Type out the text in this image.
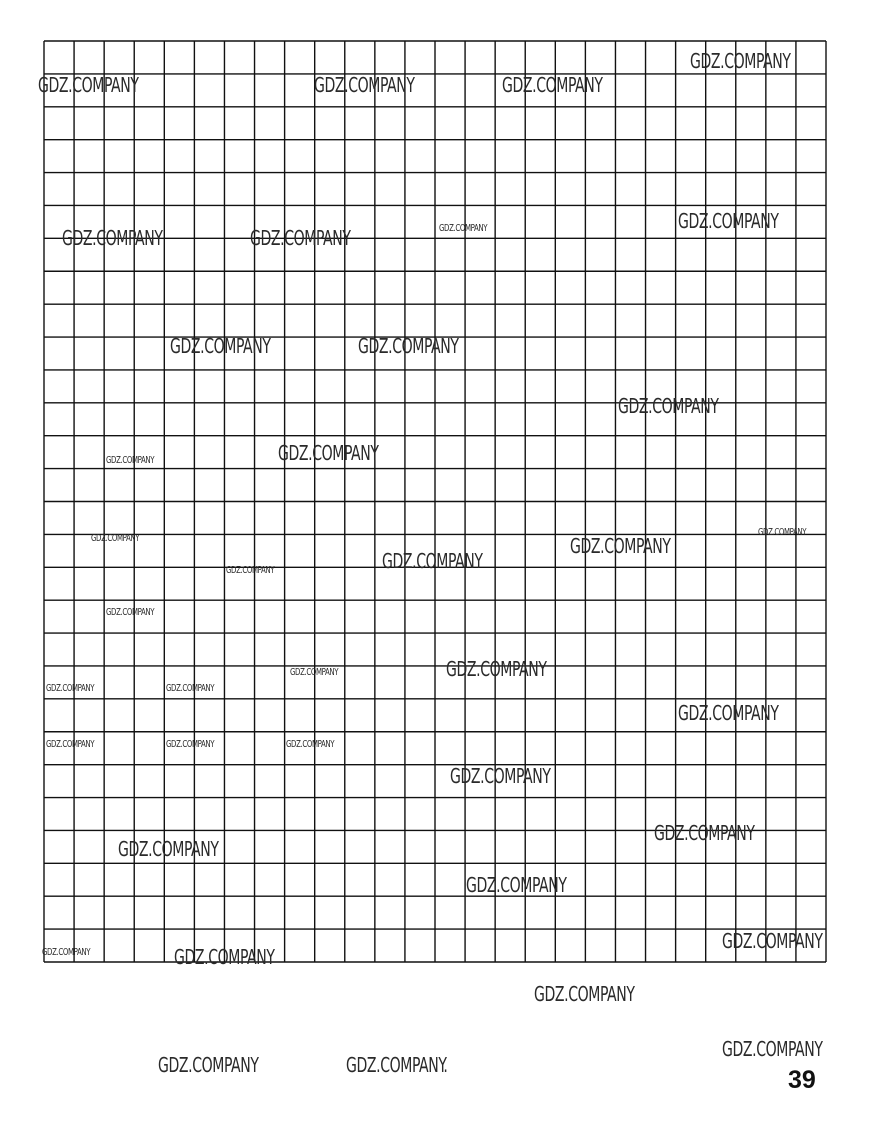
GDZ.COMPANY
GDZ.COMPANY	GDZ.COMPANY	GDZ.COMPANY
GDZ.COMPANY	GDZ.COMPANY	GDZ.COMPANY	GDZ.COMPANY
GDZ.COMPANY	GDZ.COMPANY
GDZ.COMPANY
GDZ.COMPANY	GDZ.COMPANY
GDZ.COMPANY
GDZ.COMPANY
GDZ.COMPANY
GDZ.COMPANY	GDZ.COMPANY
GDZ.COMPANY
GDZ.COMPANY	GDZ.COMPANY
GDZ.COMPANY	GDZ.COMPANY
GDZ.COMPANY
GDZ.COMPANY	GDZ.COMPANY	GDZ.COMPANY
GDZ.COMPANY
GDZ.COMPANY
GDZ.COMPANY
GDZ.COMPANY
GDZ.COMPANY
GDZ.COMPANY	GDZ.COMPANY
GDZ.COMPANY
GDZ.COMPANY
GDZ.COMPANY	GDZ.COMPANY.
39
